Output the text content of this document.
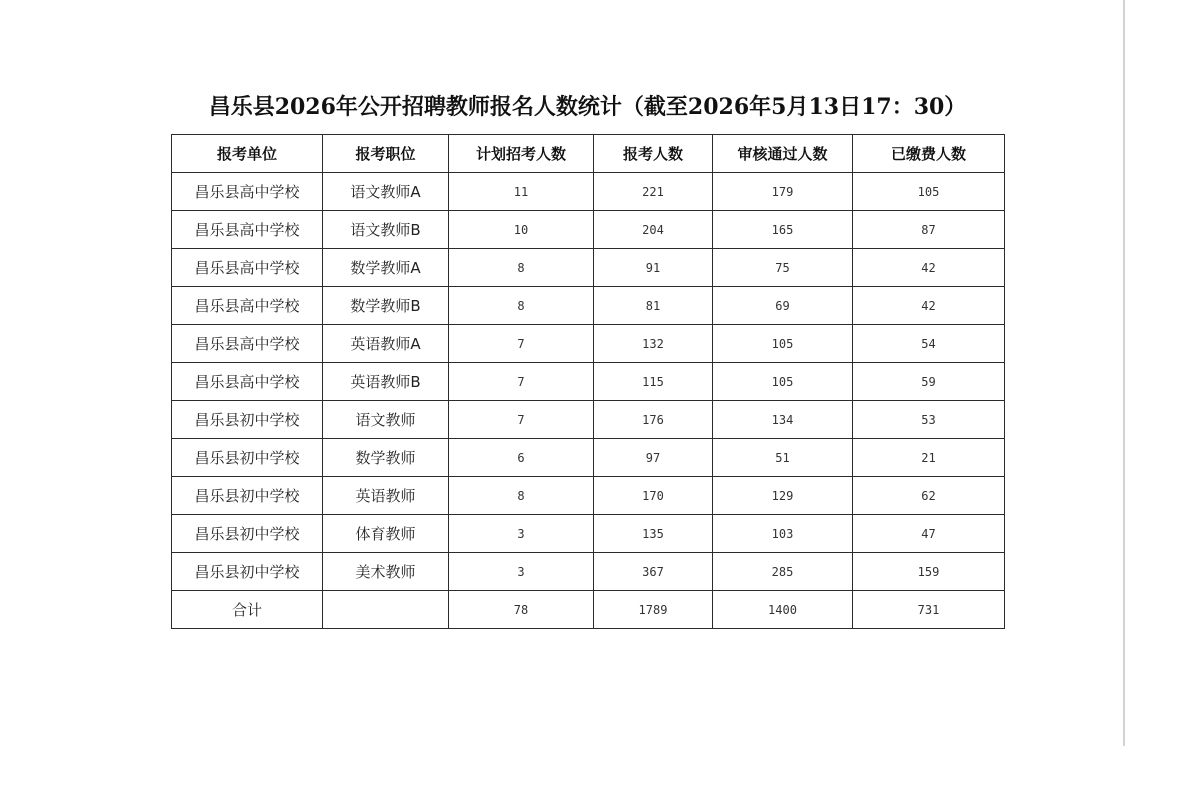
昌乐县2026年公开招聘教师报名人数统计（截至2026年5月13日17：30）
报考单位	报考职位	计划招考人数	报考人数	审核通过人数	已缴费人数
昌乐县高中学校	语文教师A	11	221	179	105
昌乐县高中学校	语文教师B	10	204	165	87
昌乐县高中学校	数学教师A	8	91	75	42
昌乐县高中学校	数学教师B	8	81	69	42
昌乐县高中学校	英语教师A	7	132	105	54
昌乐县高中学校	英语教师B	7	115	105	59
昌乐县初中学校	语文教师	7	176	134	53
昌乐县初中学校	数学教师	6	97	51	21
昌乐县初中学校	英语教师	8	170	129	62
昌乐县初中学校	体育教师	3	135	103	47
昌乐县初中学校	美术教师	3	367	285	159
合计		78	1789	1400	731
